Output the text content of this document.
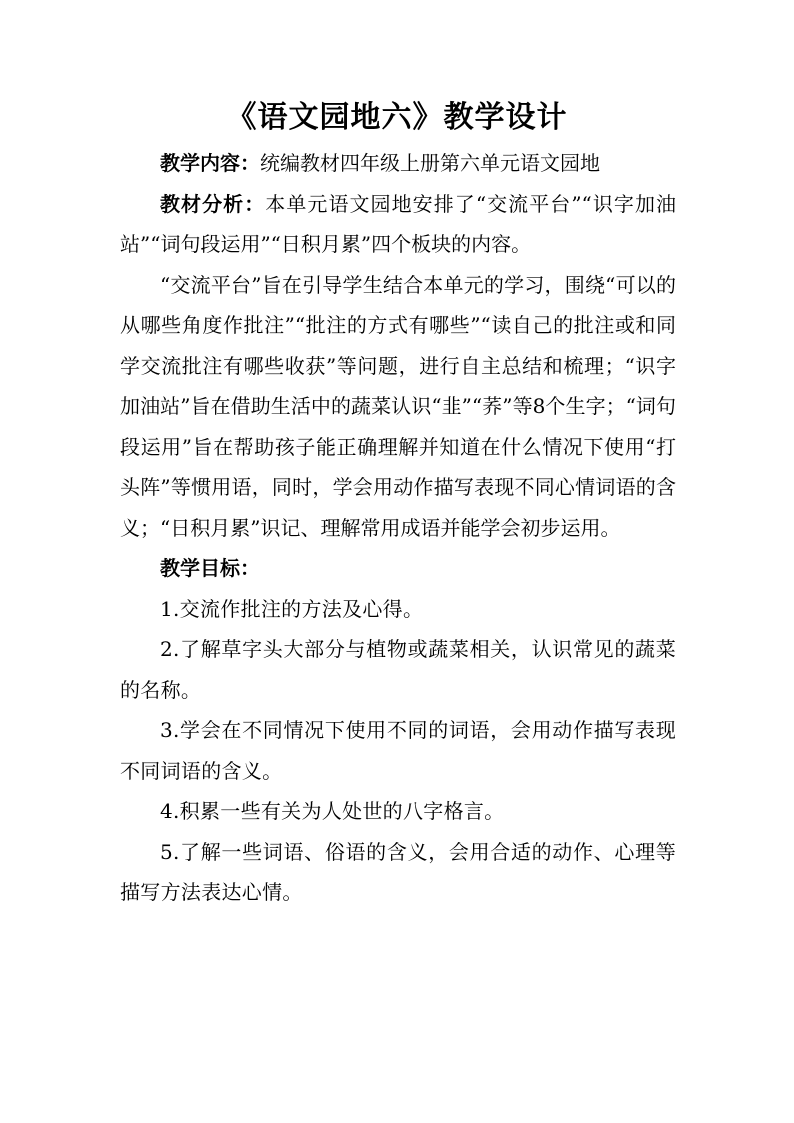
《语文园地六》教学设计

教学内容：统编教材四年级上册第六单元语文园地

教材分析：本单元语文园地安排了“交流平台”“识字加油站”“词句段运用”“日积月累”四个板块的内容。

“交流平台”旨在引导学生结合本单元的学习，围绕“可以的从哪些角度作批注”“批注的方式有哪些”“读自己的批注或和同学交流批注有哪些收获”等问题，进行自主总结和梳理；“识字加油站”旨在借助生活中的蔬菜认识“韭”“荞”等8个生字；“词句段运用”旨在帮助孩子能正确理解并知道在什么情况下使用“打头阵”等惯用语，同时，学会用动作描写表现不同心情词语的含义；“日积月累”识记、理解常用成语并能学会初步运用。

教学目标：

1.交流作批注的方法及心得。

2.了解草字头大部分与植物或蔬菜相关，认识常见的蔬菜的名称。

3.学会在不同情况下使用不同的词语，会用动作描写表现不同词语的含义。

4.积累一些有关为人处世的八字格言。

5.了解一些词语、俗语的含义，会用合适的动作、心理等描写方法表达心情。
